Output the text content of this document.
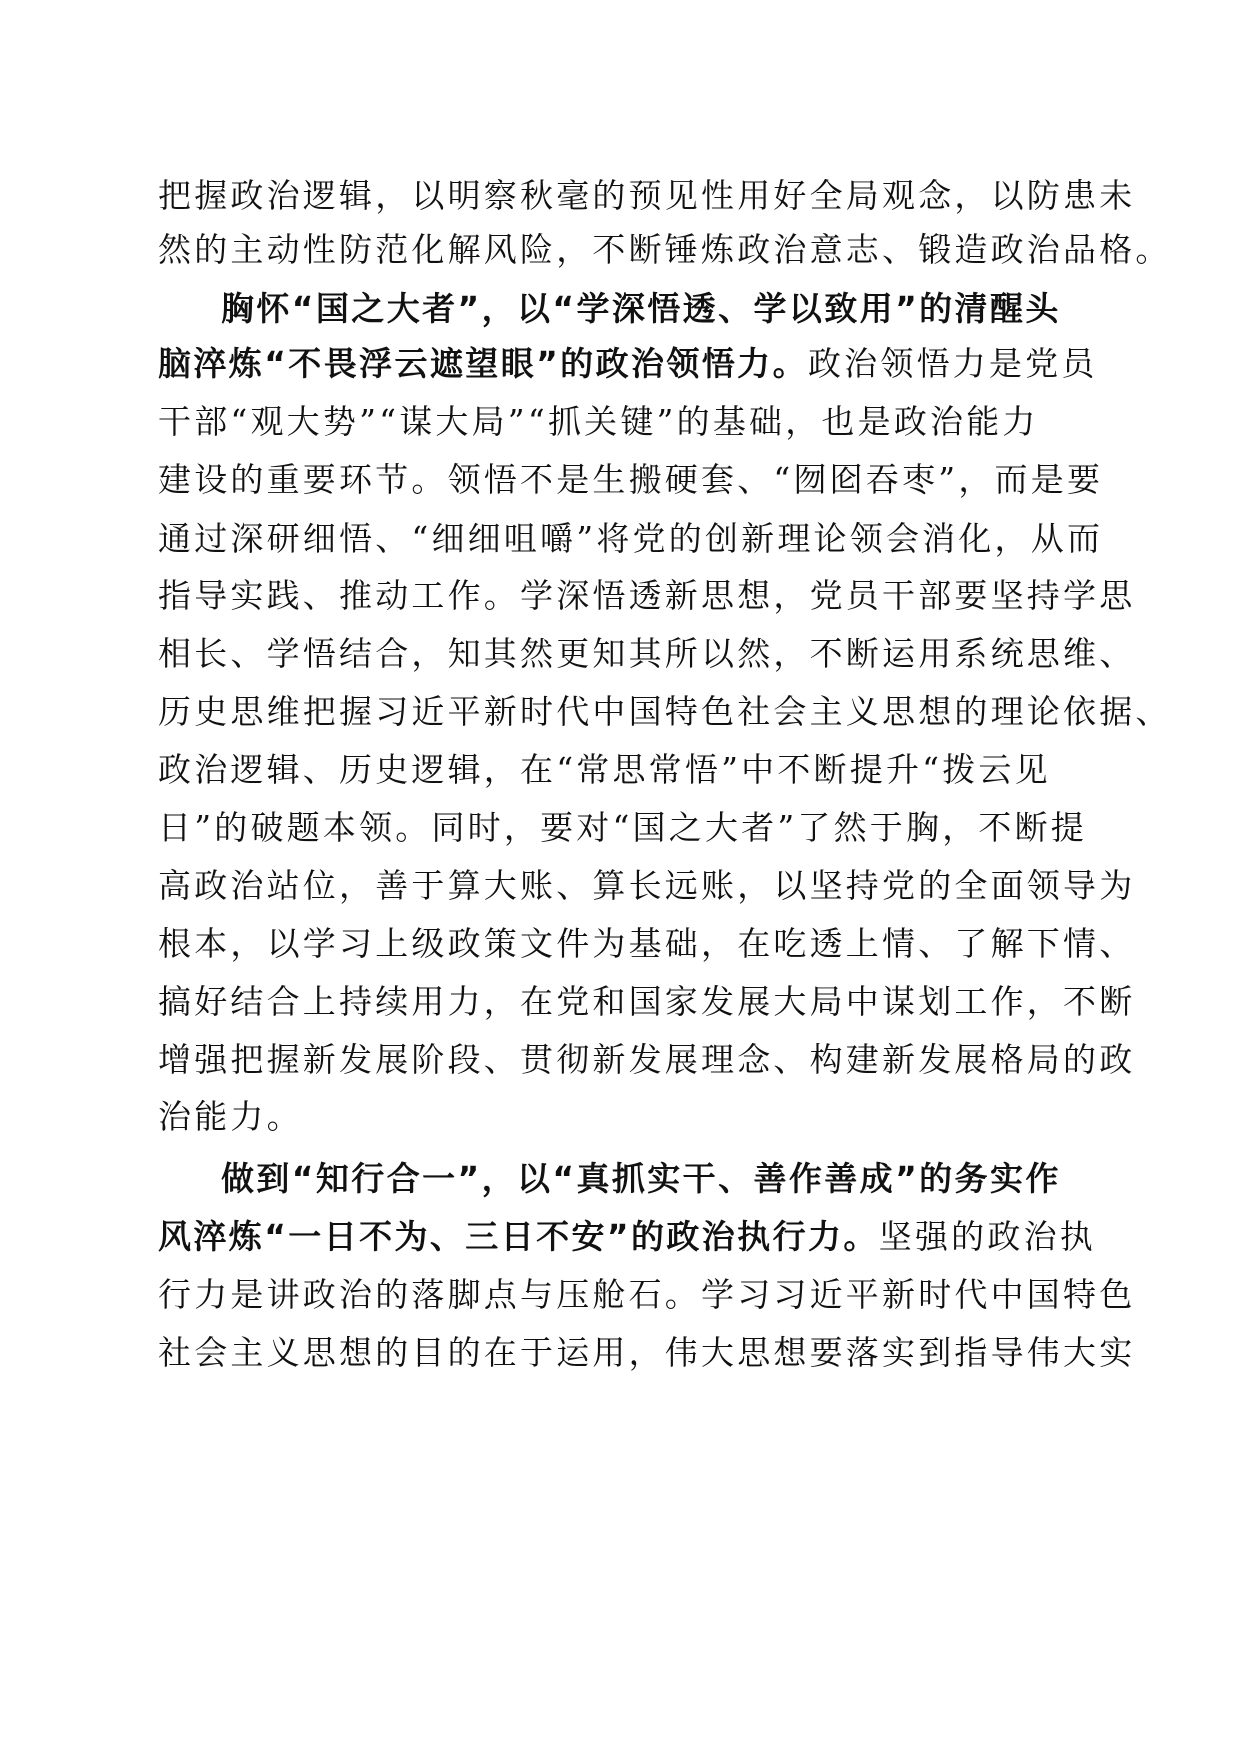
把握政治逻辑，以明察秋毫的预见性用好全局观念，以防患未
然的主动性防范化解风险，不断锤炼政治意志、锻造政治品格。
胸怀“国之大者”，以“学深悟透、学以致用”的清醒头
脑淬炼“不畏浮云遮望眼”的政治领悟力。政治领悟力是党员
干部“观大势”“谋大局”“抓关键”的基础，也是政治能力
建设的重要环节。领悟不是生搬硬套、“囫囵吞枣”，而是要
通过深研细悟、“细细咀嚼”将党的创新理论领会消化，从而
指导实践、推动工作。学深悟透新思想，党员干部要坚持学思
相长、学悟结合，知其然更知其所以然，不断运用系统思维、
历史思维把握习近平新时代中国特色社会主义思想的理论依据、
政治逻辑、历史逻辑，在“常思常悟”中不断提升“拨云见
日”的破题本领。同时，要对“国之大者”了然于胸，不断提
高政治站位，善于算大账、算长远账，以坚持党的全面领导为
根本，以学习上级政策文件为基础，在吃透上情、了解下情、
搞好结合上持续用力，在党和国家发展大局中谋划工作，不断
增强把握新发展阶段、贯彻新发展理念、构建新发展格局的政
治能力。
做到“知行合一”，以“真抓实干、善作善成”的务实作
风淬炼“一日不为、三日不安”的政治执行力。坚强的政治执
行力是讲政治的落脚点与压舱石。学习习近平新时代中国特色
社会主义思想的目的在于运用，伟大思想要落实到指导伟大实
